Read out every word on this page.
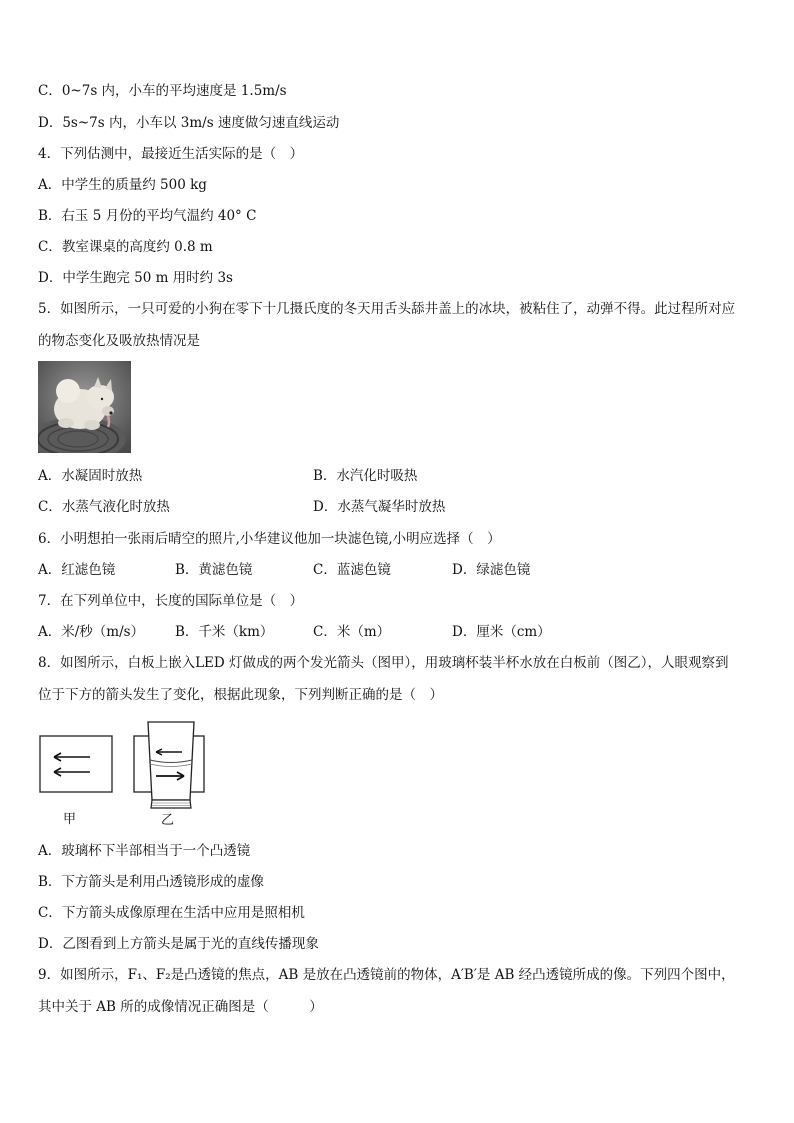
C．0~7s 内，小车的平均速度是 1.5m/s
D．5s~7s 内，小车以 3m/s 速度做匀速直线运动
4．下列估测中，最接近生活实际的是（　）
A．中学生的质量约 500 kg
B．右玉 5 月份的平均气温约 40° C
C．教室课桌的高度约 0.8 m
D．中学生跑完 50 m 用时约 3s
5．如图所示，一只可爱的小狗在零下十几摄氏度的冬天用舌头舔井盖上的冰块，被粘住了，动弹不得。此过程所对应
的物态变化及吸放热情况是
A．水凝固时放热	B．水汽化时吸热
C．水蒸气液化时放热	D．水蒸气凝华时放热
6．小明想拍一张雨后晴空的照片,小华建议他加一块滤色镜,小明应选择（　）
A．红滤色镜	B．黄滤色镜	C．蓝滤色镜	D．绿滤色镜
7．在下列单位中，长度的国际单位是（　）
A．米/秒（m/s） B．千米（km）	C．米（m）	D．厘米（cm）
8．如图所示，白板上嵌入LED 灯做成的两个发光箭头（图甲），用玻璃杯装半杯水放在白板前（图乙），人眼观察到
位于下方的箭头发生了变化，根据此现象，下列判断正确的是（　）
甲	乙
A．玻璃杯下半部相当于一个凸透镜
B．下方箭头是利用凸透镜形成的虚像
C．下方箭头成像原理在生活中应用是照相机
D．乙图看到上方箭头是属于光的直线传播现象
9．如图所示，F₁、F₂是凸透镜的焦点，AB 是放在凸透镜前的物体，A′B′是 AB 经凸透镜所成的像。下列四个图中，
其中关于 AB 所的成像情况正确图是（　　　）
